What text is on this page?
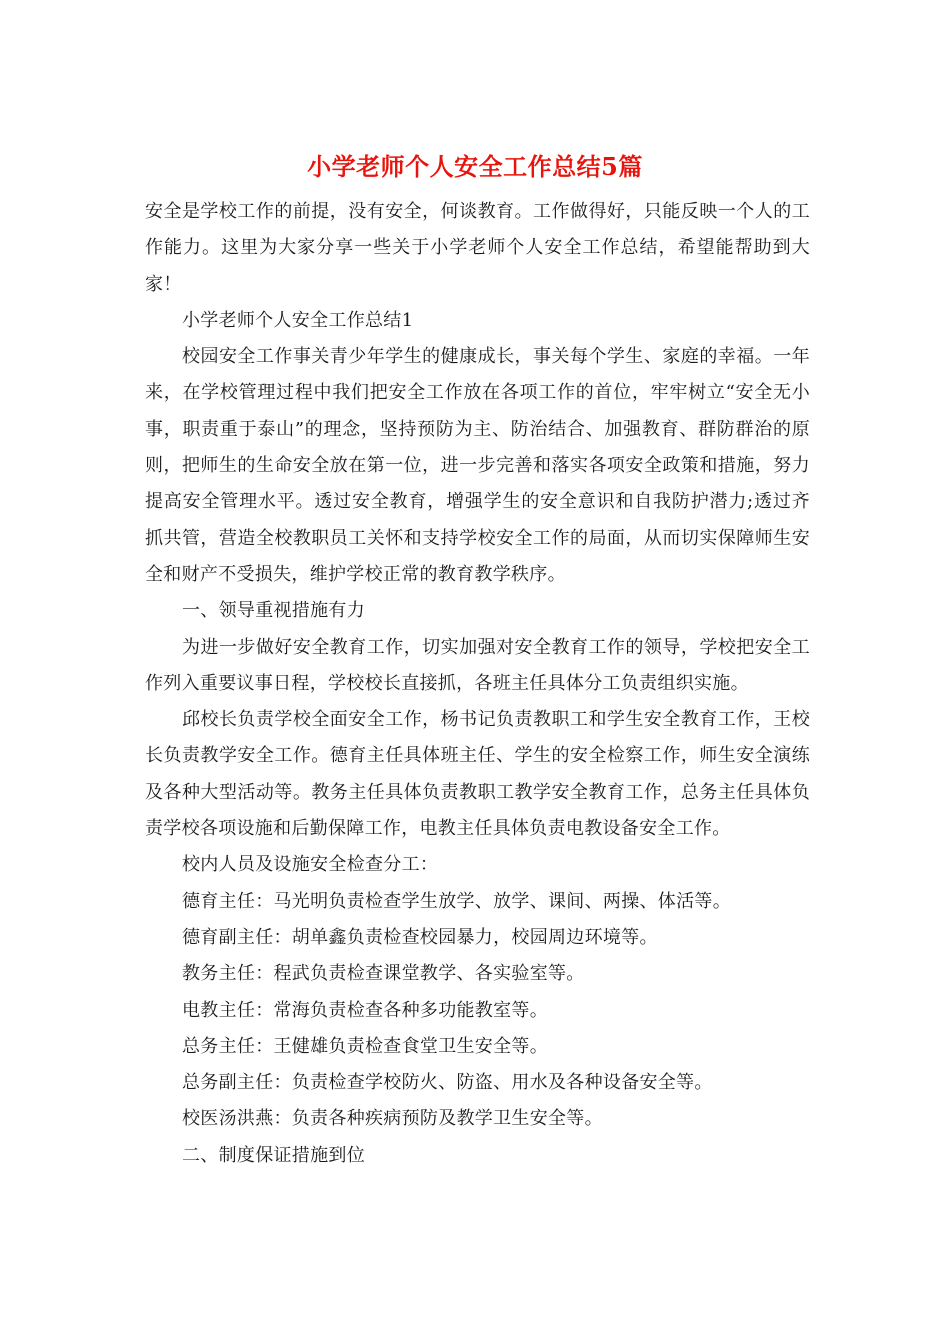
小学老师个人安全工作总结5篇

安全是学校工作的前提，没有安全，何谈教育。工作做得好，只能反映一个人的工作能力。这里为大家分享一些关于小学老师个人安全工作总结，希望能帮助到大家！

小学老师个人安全工作总结1

校园安全工作事关青少年学生的健康成长，事关每个学生、家庭的幸福。一年来，在学校管理过程中我们把安全工作放在各项工作的首位，牢牢树立“安全无小事，职责重于泰山”的理念，坚持预防为主、防治结合、加强教育、群防群治的原则，把师生的生命安全放在第一位，进一步完善和落实各项安全政策和措施，努力提高安全管理水平。透过安全教育，增强学生的安全意识和自我防护潜力;透过齐抓共管，营造全校教职员工关怀和支持学校安全工作的局面，从而切实保障师生安全和财产不受损失，维护学校正常的教育教学秩序。

一、领导重视措施有力

为进一步做好安全教育工作，切实加强对安全教育工作的领导，学校把安全工作列入重要议事日程，学校校长直接抓，各班主任具体分工负责组织实施。

邱校长负责学校全面安全工作，杨书记负责教职工和学生安全教育工作，王校长负责教学安全工作。德育主任具体班主任、学生的安全检察工作，师生安全演练及各种大型活动等。教务主任具体负责教职工教学安全教育工作，总务主任具体负责学校各项设施和后勤保障工作，电教主任具体负责电教设备安全工作。

校内人员及设施安全检查分工：

德育主任：马光明负责检查学生放学、放学、课间、两操、体活等。

德育副主任：胡单鑫负责检查校园暴力，校园周边环境等。

教务主任：程武负责检查课堂教学、各实验室等。

电教主任：常海负责检查各种多功能教室等。

总务主任：王健雄负责检查食堂卫生安全等。

总务副主任：负责检查学校防火、防盗、用水及各种设备安全等。

校医汤洪燕：负责各种疾病预防及教学卫生安全等。

二、制度保证措施到位
